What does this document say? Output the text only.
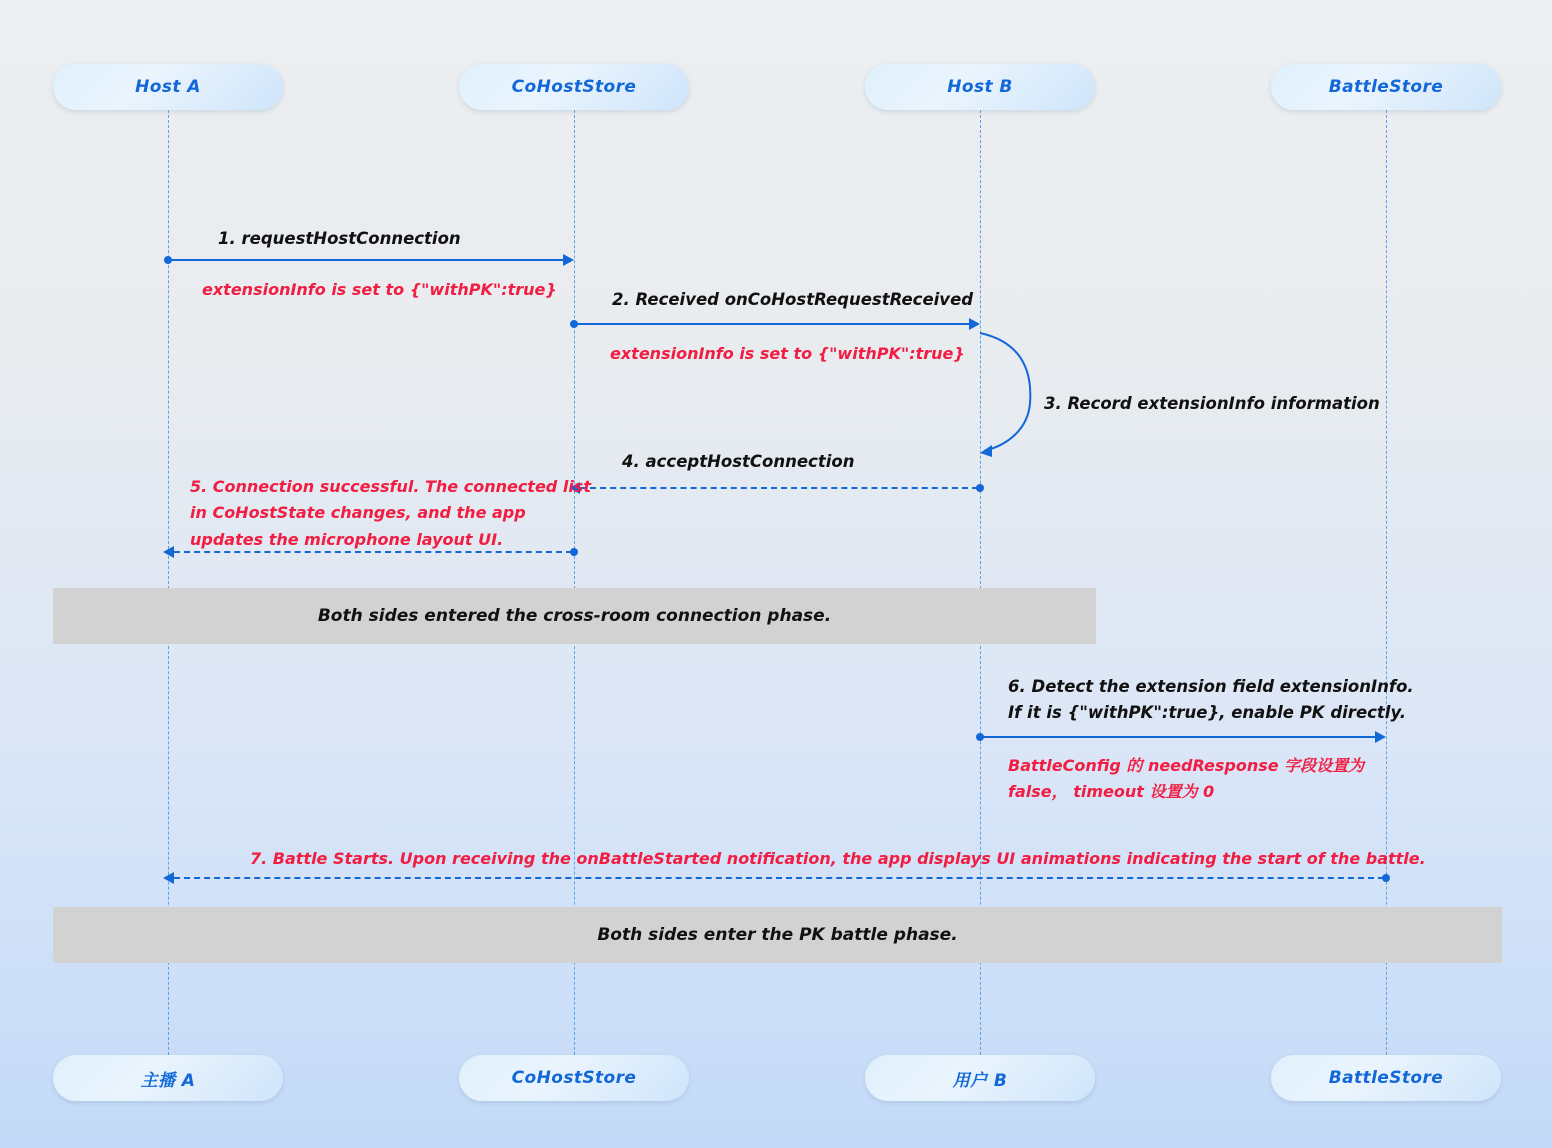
Host A	CoHostStore	Host B	BattleStore
1. requestHostConnection
extensionInfo is set to {"withPK":true}
2. Received onCoHostRequestReceived
extensionInfo is set to {"withPK":true}
3. Record extensionInfo information
4. acceptHostConnection
5. Connection successful. The connected list
in CoHostState changes, and the app
updates the microphone layout UI.
Both sides entered the cross-room connection phase.
6. Detect the extension field extensionInfo.
If it is {"withPK":true}, enable PK directly.
BattleConfig 的 needResponse 字段设置为
false， timeout 设置为 0
7. Battle Starts. Upon receiving the onBattleStarted notification, the app displays UI animations indicating the start of the battle.
Both sides enter the PK battle phase.
主播 A	CoHostStore	用户 B	BattleStore
